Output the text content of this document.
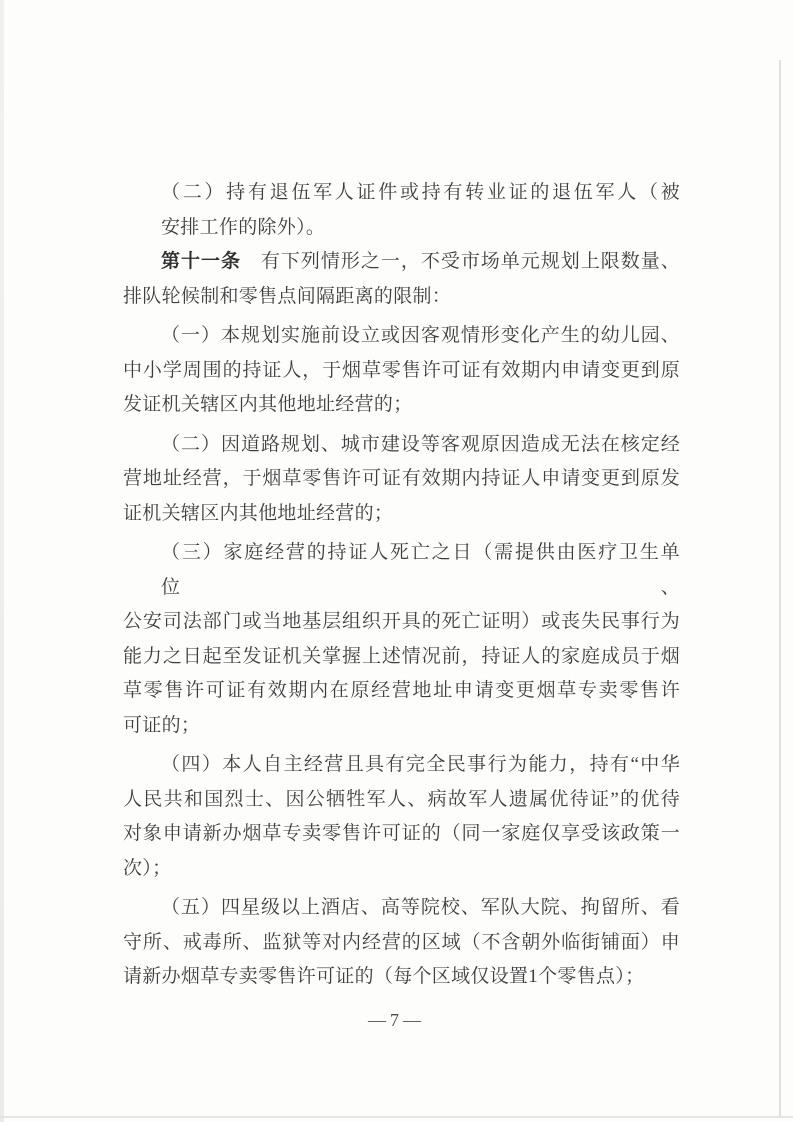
（二）持有退伍军人证件或持有转业证的退伍军人（被
安排工作的除外）。

第十一条　有下列情形之一，不受市场单元规划上限数量、
排队轮候制和零售点间隔距离的限制：

（一）本规划实施前设立或因客观情形变化产生的幼儿园、
中小学周围的持证人，于烟草零售许可证有效期内申请变更到原
发证机关辖区内其他地址经营的；

（二）因道路规划、城市建设等客观原因造成无法在核定经
营地址经营，于烟草零售许可证有效期内持证人申请变更到原发
证机关辖区内其他地址经营的；

（三）家庭经营的持证人死亡之日（需提供由医疗卫生单位、
公安司法部门或当地基层组织开具的死亡证明）或丧失民事行为
能力之日起至发证机关掌握上述情况前，持证人的家庭成员于烟
草零售许可证有效期内在原经营地址申请变更烟草专卖零售许
可证的；

（四）本人自主经营且具有完全民事行为能力，持有“中华
人民共和国烈士、因公牺牲军人、病故军人遗属优待证”的优待
对象申请新办烟草专卖零售许可证的（同一家庭仅享受该政策一
次）；

（五）四星级以上酒店、高等院校、军队大院、拘留所、看
守所、戒毒所、监狱等对内经营的区域（不含朝外临街铺面）申
请新办烟草专卖零售许可证的（每个区域仅设置1个零售点）；

—7—
